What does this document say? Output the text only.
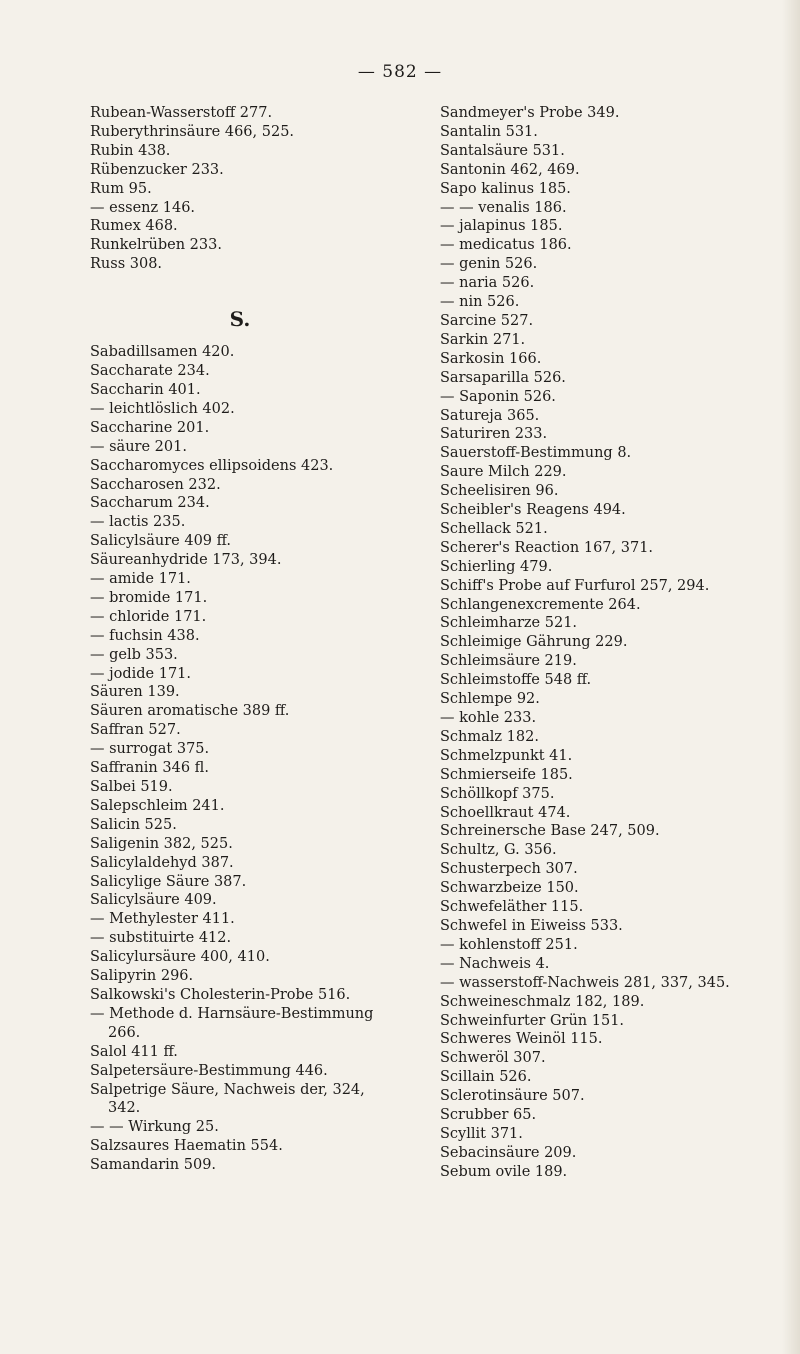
— 582 —
Rubean-Wasserstoff 277.
Ruberythrinsäure 466, 525.
Rubin 438.
Rübenzucker 233.
Rum 95.
— essenz 146.
Rumex 468.
Runkelrüben 233.
Russ 308.
S.
Sabadillsamen 420.
Saccharate 234.
Saccharin 401.
— leichtlöslich 402.
Saccharine 201.
— säure 201.
Saccharomyces ellipsoidens 423.
Saccharosen 232.
Saccharum 234.
— lactis 235.
Salicylsäure 409 ff.
Säureanhydride 173, 394.
— amide 171.
— bromide 171.
— chloride 171.
— fuchsin 438.
— gelb 353.
— jodide 171.
Säuren 139.
Säuren aromatische 389 ff.
Saffran 527.
— surrogat 375.
Saffranin 346 fl.
Salbei 519.
Salepschleim 241.
Salicin 525.
Saligenin 382, 525.
Salicylaldehyd 387.
Salicylige Säure 387.
Salicylsäure 409.
— Methylester 411.
— substituirte 412.
Salicylursäure 400, 410.
Salipyrin 296.
Salkowski's Cholesterin-Probe 516.
— Methode d. Harnsäure-Bestimmung
266.
Salol 411 ff.
Salpetersäure-Bestimmung 446.
Salpetrige Säure, Nachweis der, 324,
342.
— — Wirkung 25.
Salzsaures Haematin 554.
Samandarin 509.
Sandmeyer's Probe 349.
Santalin 531.
Santalsäure 531.
Santonin 462, 469.
Sapo kalinus 185.
— — venalis 186.
— jalapinus 185.
— medicatus 186.
— genin 526.
— naria 526.
— nin 526.
Sarcine 527.
Sarkin 271.
Sarkosin 166.
Sarsaparilla 526.
— Saponin 526.
Satureja 365.
Saturiren 233.
Sauerstoff-Bestimmung 8.
Saure Milch 229.
Scheelisiren 96.
Scheibler's Reagens 494.
Schellack 521.
Scherer's Reaction 167, 371.
Schierling 479.
Schiff's Probe auf Furfurol 257, 294.
Schlangenexcremente 264.
Schleimharze 521.
Schleimige Gährung 229.
Schleimsäure 219.
Schleimstoffe 548 ff.
Schlempe 92.
— kohle 233.
Schmalz 182.
Schmelzpunkt 41.
Schmierseife 185.
Schöllkopf 375.
Schoellkraut 474.
Schreinersche Base 247, 509.
Schultz, G. 356.
Schusterpech 307.
Schwarzbeize 150.
Schwefeläther 115.
Schwefel in Eiweiss 533.
— kohlenstoff 251.
— Nachweis 4.
— wasserstoff-Nachweis 281, 337, 345.
Schweineschmalz 182, 189.
Schweinfurter Grün 151.
Schweres Weinöl 115.
Schweröl 307.
Scillain 526.
Sclerotinsäure 507.
Scrubber 65.
Scyllit 371.
Sebacinsäure 209.
Sebum ovile 189.
